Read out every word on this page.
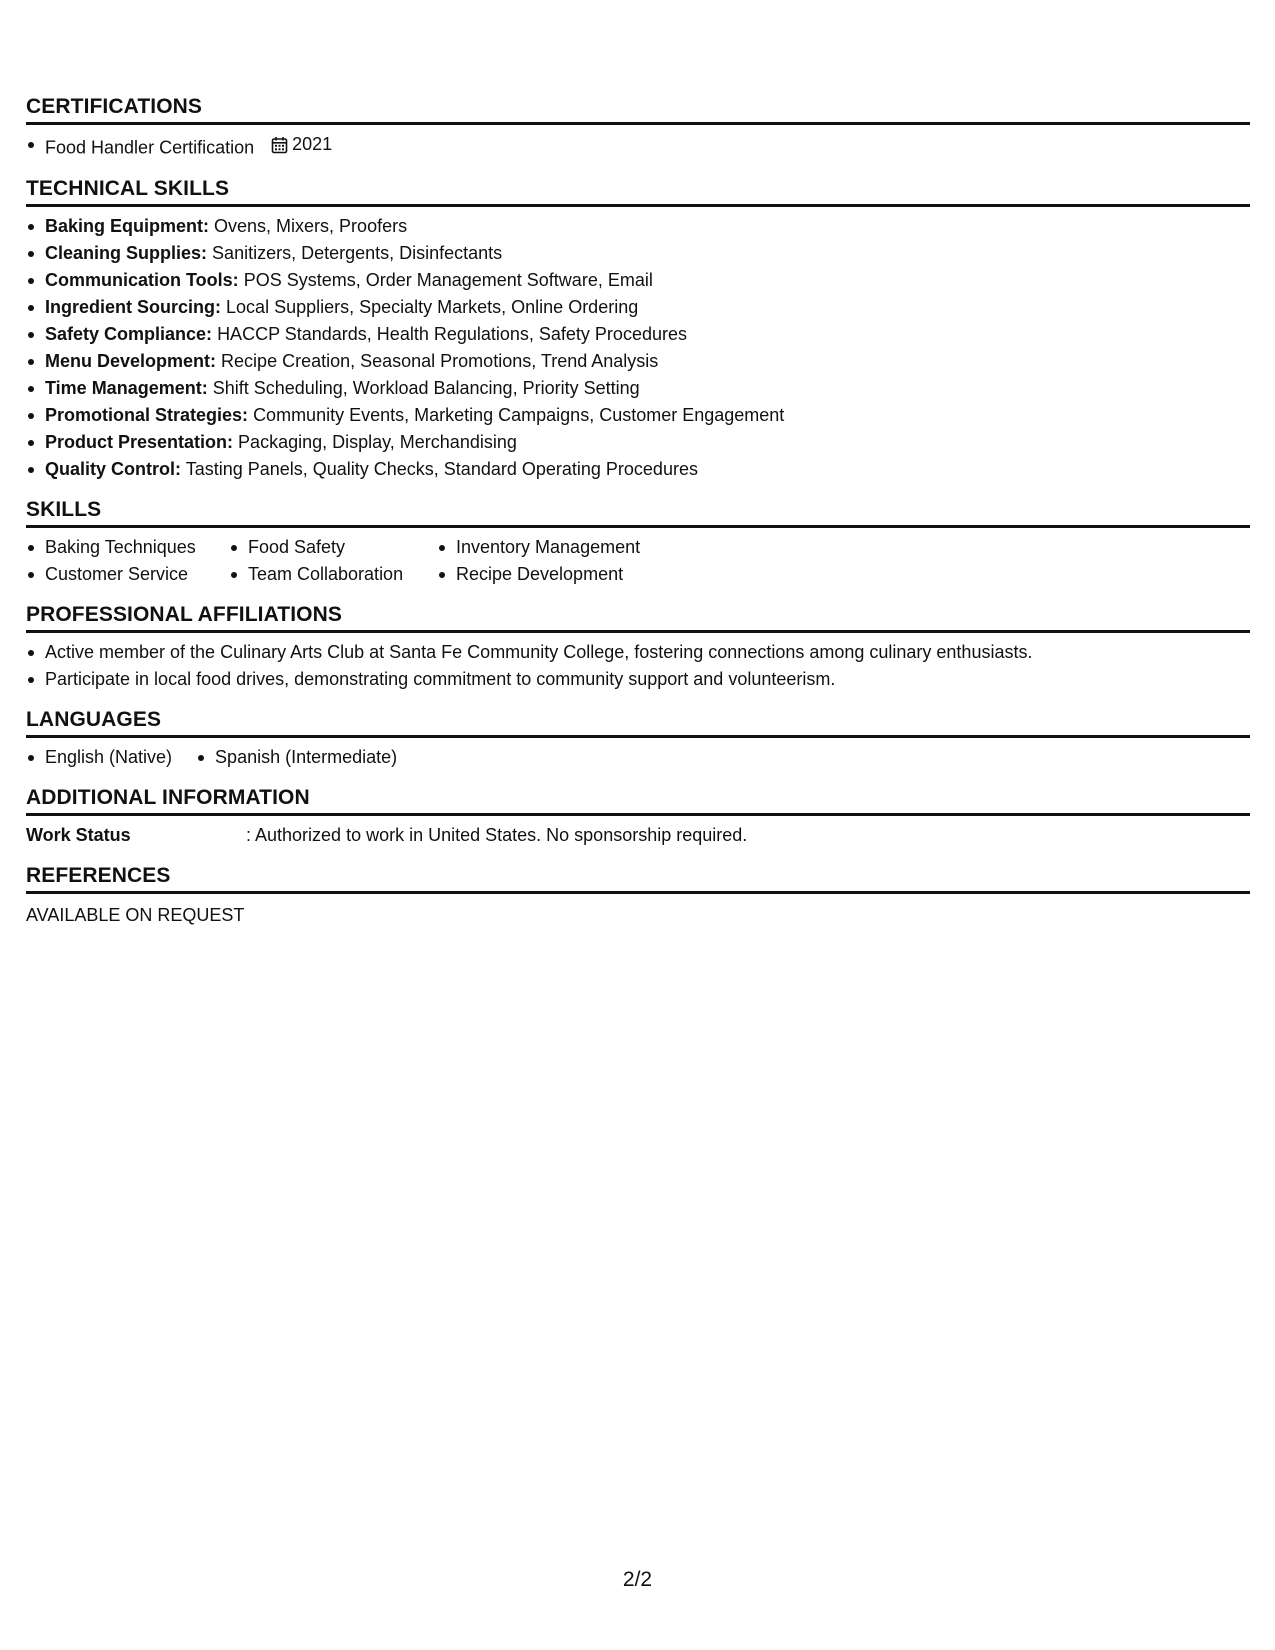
CERTIFICATIONS
Food Handler Certification 2021
TECHNICAL SKILLS
Baking Equipment: Ovens, Mixers, Proofers
Cleaning Supplies: Sanitizers, Detergents, Disinfectants
Communication Tools: POS Systems, Order Management Software, Email
Ingredient Sourcing: Local Suppliers, Specialty Markets, Online Ordering
Safety Compliance: HACCP Standards, Health Regulations, Safety Procedures
Menu Development: Recipe Creation, Seasonal Promotions, Trend Analysis
Time Management: Shift Scheduling, Workload Balancing, Priority Setting
Promotional Strategies: Community Events, Marketing Campaigns, Customer Engagement
Product Presentation: Packaging, Display, Merchandising
Quality Control: Tasting Panels, Quality Checks, Standard Operating Procedures
SKILLS
Baking Techniques
Customer Service
Food Safety
Team Collaboration
Inventory Management
Recipe Development
PROFESSIONAL AFFILIATIONS
Active member of the Culinary Arts Club at Santa Fe Community College, fostering connections among culinary enthusiasts.
Participate in local food drives, demonstrating commitment to community support and volunteerism.
LANGUAGES
English (Native)	Spanish (Intermediate)
ADDITIONAL INFORMATION
Work Status	: Authorized to work in United States. No sponsorship required.
REFERENCES
AVAILABLE ON REQUEST
2/2
